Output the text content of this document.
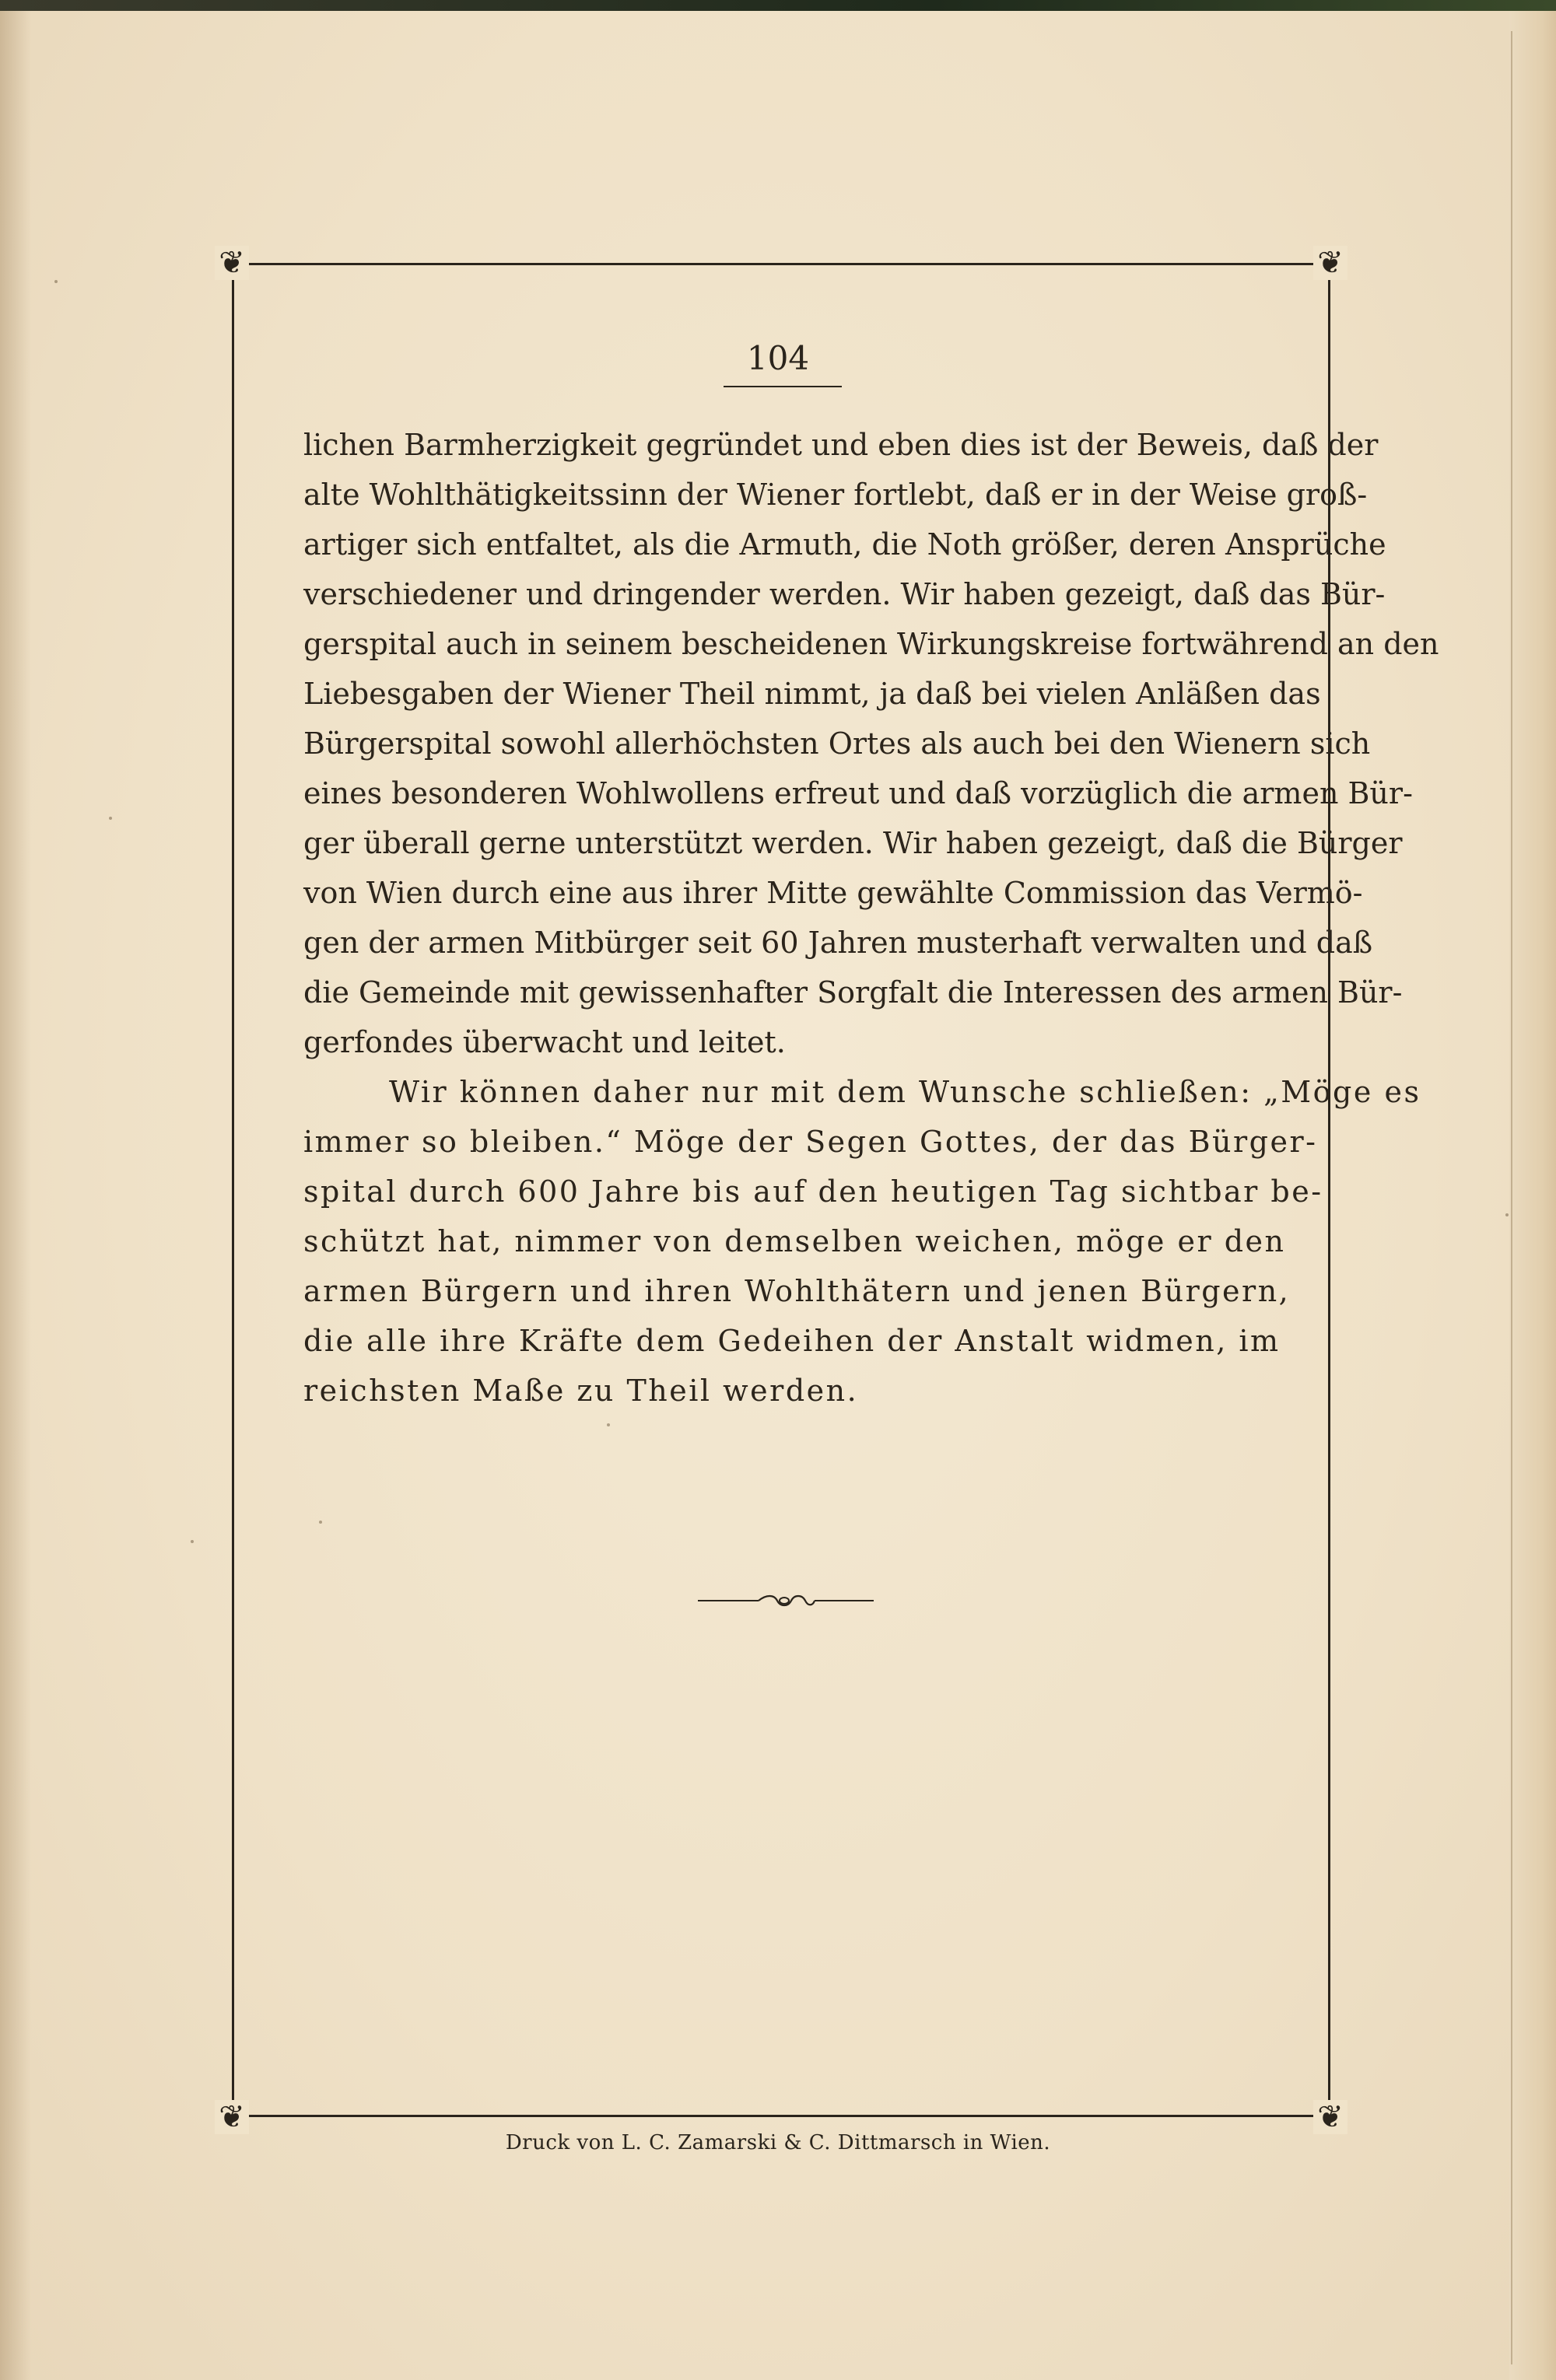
❦	❦
❦	❦
104
lichen Barmherzigkeit gegründet und eben dies ist der Beweis, daß der
alte Wohlthätigkeitssinn der Wiener fortlebt, daß er in der Weise groß-
artiger sich entfaltet, als die Armuth, die Noth größer, deren Ansprüche
verschiedener und dringender werden. Wir haben gezeigt, daß das Bür-
gerspital auch in seinem bescheidenen Wirkungskreise fortwährend an den
Liebesgaben der Wiener Theil nimmt, ja daß bei vielen Anläßen das
Bürgerspital sowohl allerhöchsten Ortes als auch bei den Wienern sich
eines besonderen Wohlwollens erfreut und daß vorzüglich die armen Bür-
ger überall gerne unterstützt werden. Wir haben gezeigt, daß die Bürger
von Wien durch eine aus ihrer Mitte gewählte Commission das Vermö-
gen der armen Mitbürger seit 60 Jahren musterhaft verwalten und daß
die Gemeinde mit gewissenhafter Sorgfalt die Interessen des armen Bür-
gerfondes überwacht und leitet.
Wir können daher nur mit dem Wunsche schließen: „Möge es
immer so bleiben.“ Möge der Segen Gottes, der das Bürger-
spital durch 600 Jahre bis auf den heutigen Tag sichtbar be-
schützt hat, nimmer von demselben weichen, möge er den
armen Bürgern und ihren Wohlthätern und jenen Bürgern,
die alle ihre Kräfte dem Gedeihen der Anstalt widmen, im
reichsten Maße zu Theil werden.
Druck von L. C. Zamarski & C. Dittmarsch in Wien.
